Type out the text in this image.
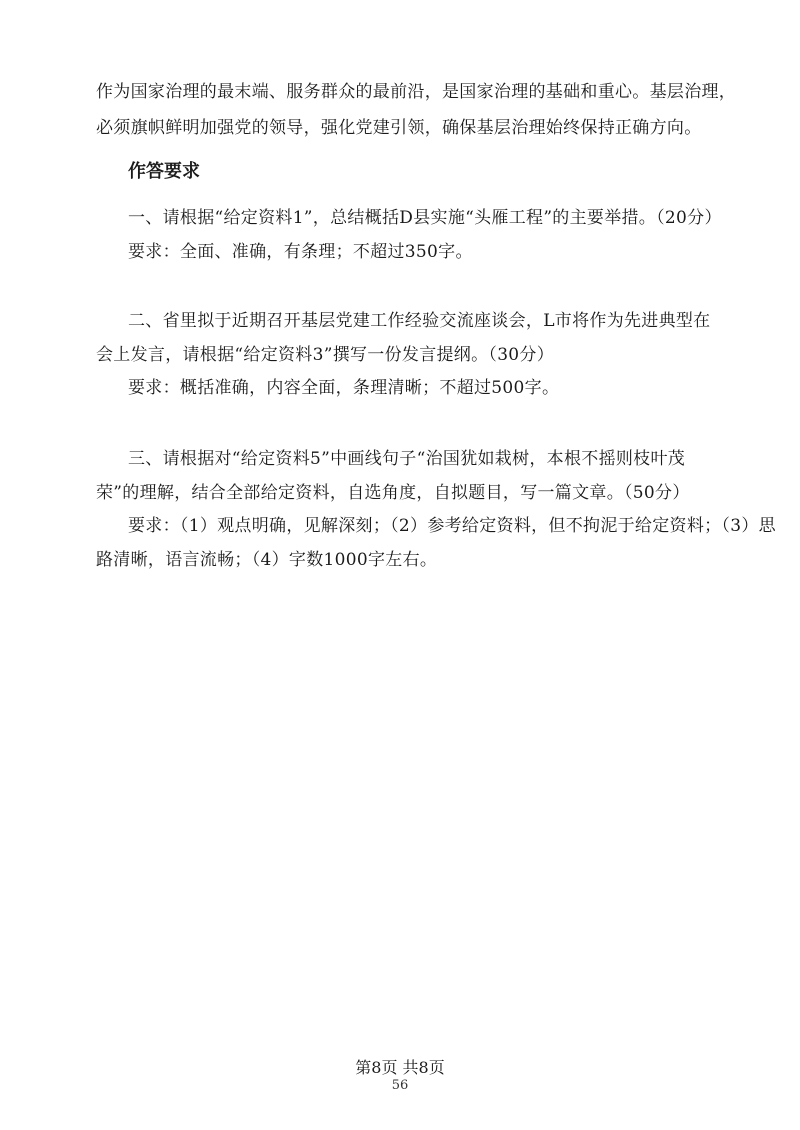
作为国家治理的最末端、服务群众的最前沿，是国家治理的基础和重心。基层治理，
必须旗帜鲜明加强党的领导，强化党建引领，确保基层治理始终保持正确方向。
作答要求
一、请根据“给定资料1”，总结概括D县实施“头雁工程”的主要举措。（20分）
要求：全面、准确，有条理；不超过350字。
二、省里拟于近期召开基层党建工作经验交流座谈会，L市将作为先进典型在
会上发言，请根据“给定资料3”撰写一份发言提纲。（30分）
要求：概括准确，内容全面，条理清晰；不超过500字。
三、请根据对“给定资料5”中画线句子“治国犹如栽树，本根不摇则枝叶茂
荣”的理解，结合全部给定资料，自选角度，自拟题目，写一篇文章。（50分）
要求：（1）观点明确，见解深刻；（2）参考给定资料，但不拘泥于给定资料；（3）思
路清晰，语言流畅；（4）字数1000字左右。
第8页 共8页
56
